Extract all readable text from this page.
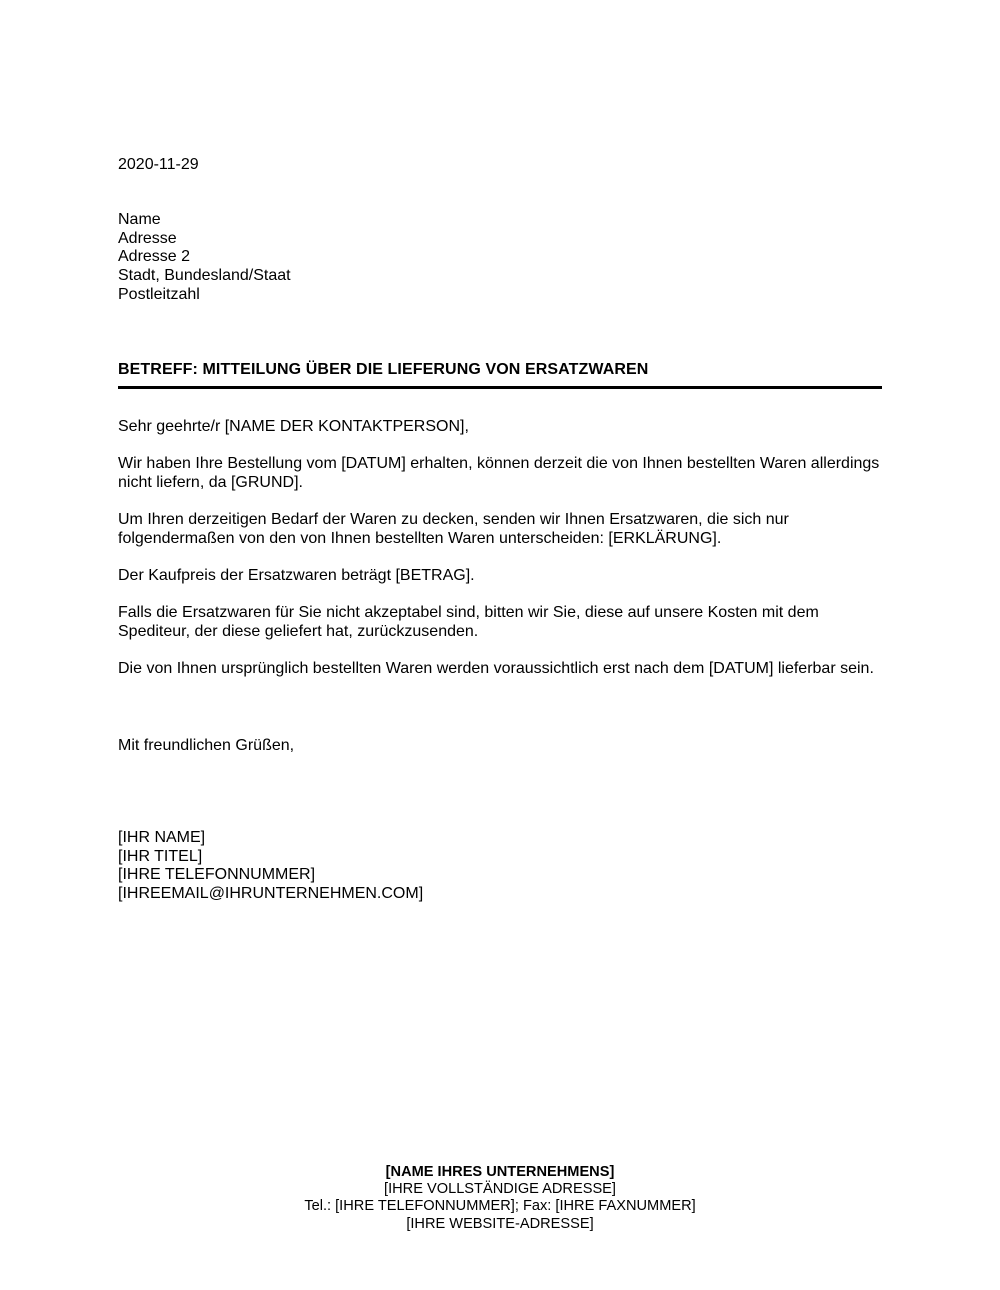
2020-11-29
Name
Adresse
Adresse 2
Stadt, Bundesland/Staat
Postleitzahl
BETREFF: MITTEILUNG ÜBER DIE LIEFERUNG VON ERSATZWAREN

Sehr geehrte/r [NAME DER KONTAKTPERSON],

Wir haben Ihre Bestellung vom [DATUM] erhalten, können derzeit die von Ihnen bestellten Waren allerdings nicht liefern, da [GRUND].

Um Ihren derzeitigen Bedarf der Waren zu decken, senden wir Ihnen Ersatzwaren, die sich nur folgendermaßen von den von Ihnen bestellten Waren unterscheiden: [ERKLÄRUNG].

Der Kaufpreis der Ersatzwaren beträgt [BETRAG].

Falls die Ersatzwaren für Sie nicht akzeptabel sind, bitten wir Sie, diese auf unsere Kosten mit dem Spediteur, der diese geliefert hat, zurückzusenden.

Die von Ihnen ursprünglich bestellten Waren werden voraussichtlich erst nach dem [DATUM] lieferbar sein.

Mit freundlichen Grüßen,
[IHR NAME]
[IHR TITEL]
[IHRE TELEFONNUMMER]
[IHREEMAIL@IHRUNTERNEHMEN.COM]
[NAME IHRES UNTERNEHMENS]
[IHRE VOLLSTÄNDIGE ADRESSE]
Tel.: [IHRE TELEFONNUMMER]; Fax: [IHRE FAXNUMMER]
[IHRE WEBSITE-ADRESSE]
